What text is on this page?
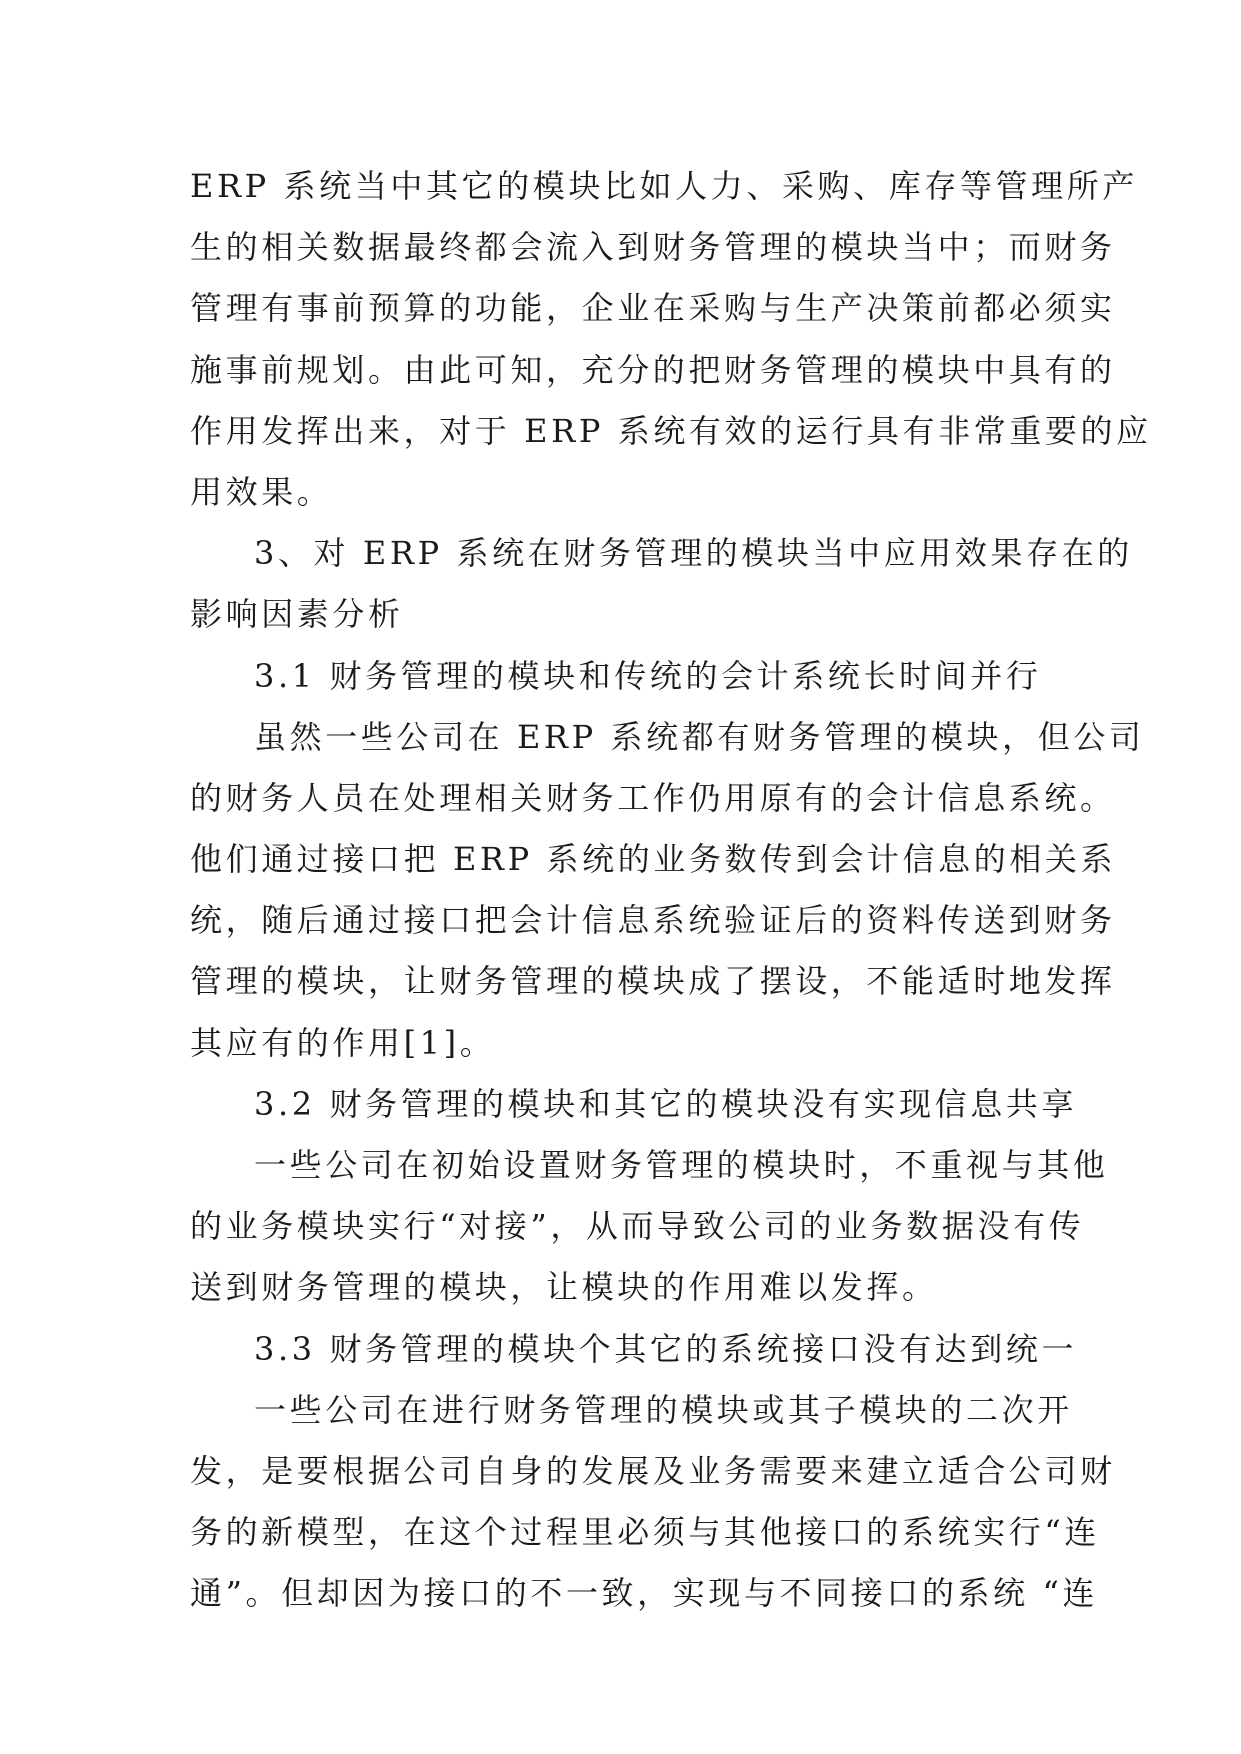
ERP 系统当中其它的模块比如人力、采购、库存等管理所产
生的相关数据最终都会流入到财务管理的模块当中；而财务
管理有事前预算的功能，企业在采购与生产决策前都必须实
施事前规划。由此可知，充分的把财务管理的模块中具有的
作用发挥出来，对于 ERP 系统有效的运行具有非常重要的应
用效果。
3、对 ERP 系统在财务管理的模块当中应用效果存在的
影响因素分析
3.1 财务管理的模块和传统的会计系统长时间并行
虽然一些公司在 ERP 系统都有财务管理的模块，但公司
的财务人员在处理相关财务工作仍用原有的会计信息系统。
他们通过接口把 ERP 系统的业务数传到会计信息的相关系
统，随后通过接口把会计信息系统验证后的资料传送到财务
管理的模块，让财务管理的模块成了摆设，不能适时地发挥
其应有的作用[1]。
3.2 财务管理的模块和其它的模块没有实现信息共享
一些公司在初始设置财务管理的模块时，不重视与其他
的业务模块实行“对接”，从而导致公司的业务数据没有传
送到财务管理的模块，让模块的作用难以发挥。
3.3 财务管理的模块个其它的系统接口没有达到统一
一些公司在进行财务管理的模块或其子模块的二次开
发，是要根据公司自身的发展及业务需要来建立适合公司财
务的新模型，在这个过程里必须与其他接口的系统实行“连
通”。但却因为接口的不一致，实现与不同接口的系统 “连
